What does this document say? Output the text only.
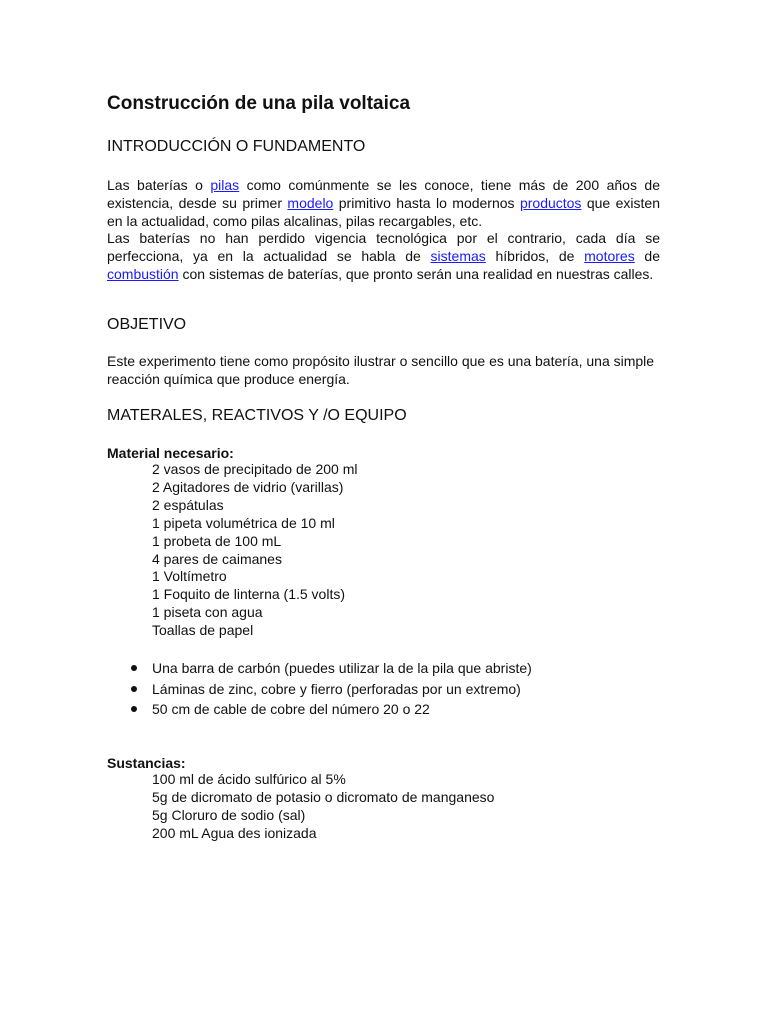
Construcción de una pila voltaica
INTRODUCCIÓN O FUNDAMENTO

Las baterías o pilas como comúnmente se les conoce, tiene más de 200 años de existencia, desde su primer modelo primitivo hasta lo modernos productos que existen en la actualidad, como pilas alcalinas, pilas recargables, etc.

Las baterías no han perdido vigencia tecnológica por el contrario, cada día se perfecciona, ya en la actualidad se habla de sistemas híbridos, de motores de combustión con sistemas de baterías, que pronto serán una realidad en nuestras calles.

OBJETIVO

Este experimento tiene como propósito ilustrar o sencillo que es una batería, una simple reacción química que produce energía.

MATERALES, REACTIVOS Y /O EQUIPO
Material necesario:
2 vasos de precipitado de 200 ml
2 Agitadores de vidrio (varillas)
2 espátulas
1 pipeta volumétrica de 10 ml
1 probeta de 100 mL
4 pares de caimanes
1 Voltímetro
1 Foquito de linterna (1.5 volts)
1 piseta con agua
Toallas de papel
Una barra de carbón (puedes utilizar la de la pila que abriste)
Láminas de zinc, cobre y fierro (perforadas por un extremo)
50 cm de cable de cobre del número 20 o 22
Sustancias:
100 ml de ácido sulfúrico al 5%
5g de dicromato de potasio o dicromato de manganeso
5g Cloruro de sodio (sal)
200 mL Agua des ionizada
